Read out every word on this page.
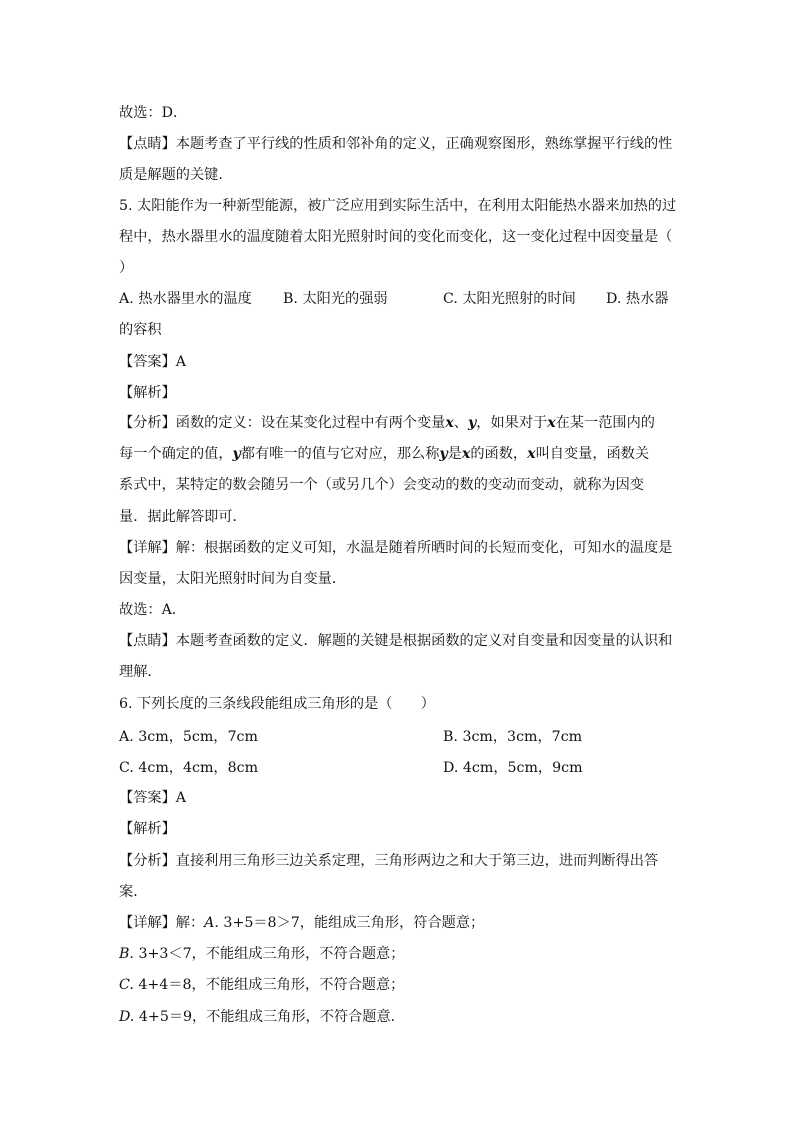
故选：D．
【点睛】本题考查了平行线的性质和邻补角的定义，正确观察图形，熟练掌握平行线的性
质是解题的关键．
5. 太阳能作为一种新型能源，被广泛应用到实际生活中，在利用太阳能热水器来加热的过
程中，热水器里水的温度随着太阳光照射时间的变化而变化，这一变化过程中因变量是（
）
A. 热水器里水的温度 B. 太阳光的强弱	C. 太阳光照射的时间 D. 热水器
的容积
【答案】A
【解析】
【分析】函数的定义：设在某变化过程中有两个变量x、y，如果对于x在某一范围内的
每一个确定的值，y都有唯一的值与它对应，那么称y是x的函数，x叫自变量，函数关
系式中，某特定的数会随另一个（或另几个）会变动的数的变动而变动，就称为因变
量．据此解答即可．
【详解】解：根据函数的定义可知，水温是随着所晒时间的长短而变化，可知水的温度是
因变量，太阳光照射时间为自变量．
故选：A．
【点睛】本题考查函数的定义．解题的关键是根据函数的定义对自变量和因变量的认识和
理解．
6. 下列长度的三条线段能组成三角形的是（　　）
A. 3cm，5cm，7cm	B. 3cm，3cm，7cm
C. 4cm，4cm，8cm	D. 4cm，5cm，9cm
【答案】A
【解析】
【分析】直接利用三角形三边关系定理，三角形两边之和大于第三边，进而判断得出答
案．
【详解】解：A. 3+5＝8＞7，能组成三角形，符合题意；
B. 3+3＜7，不能组成三角形，不符合题意；
C. 4+4＝8，不能组成三角形，不符合题意；
D. 4+5＝9，不能组成三角形，不符合题意．
